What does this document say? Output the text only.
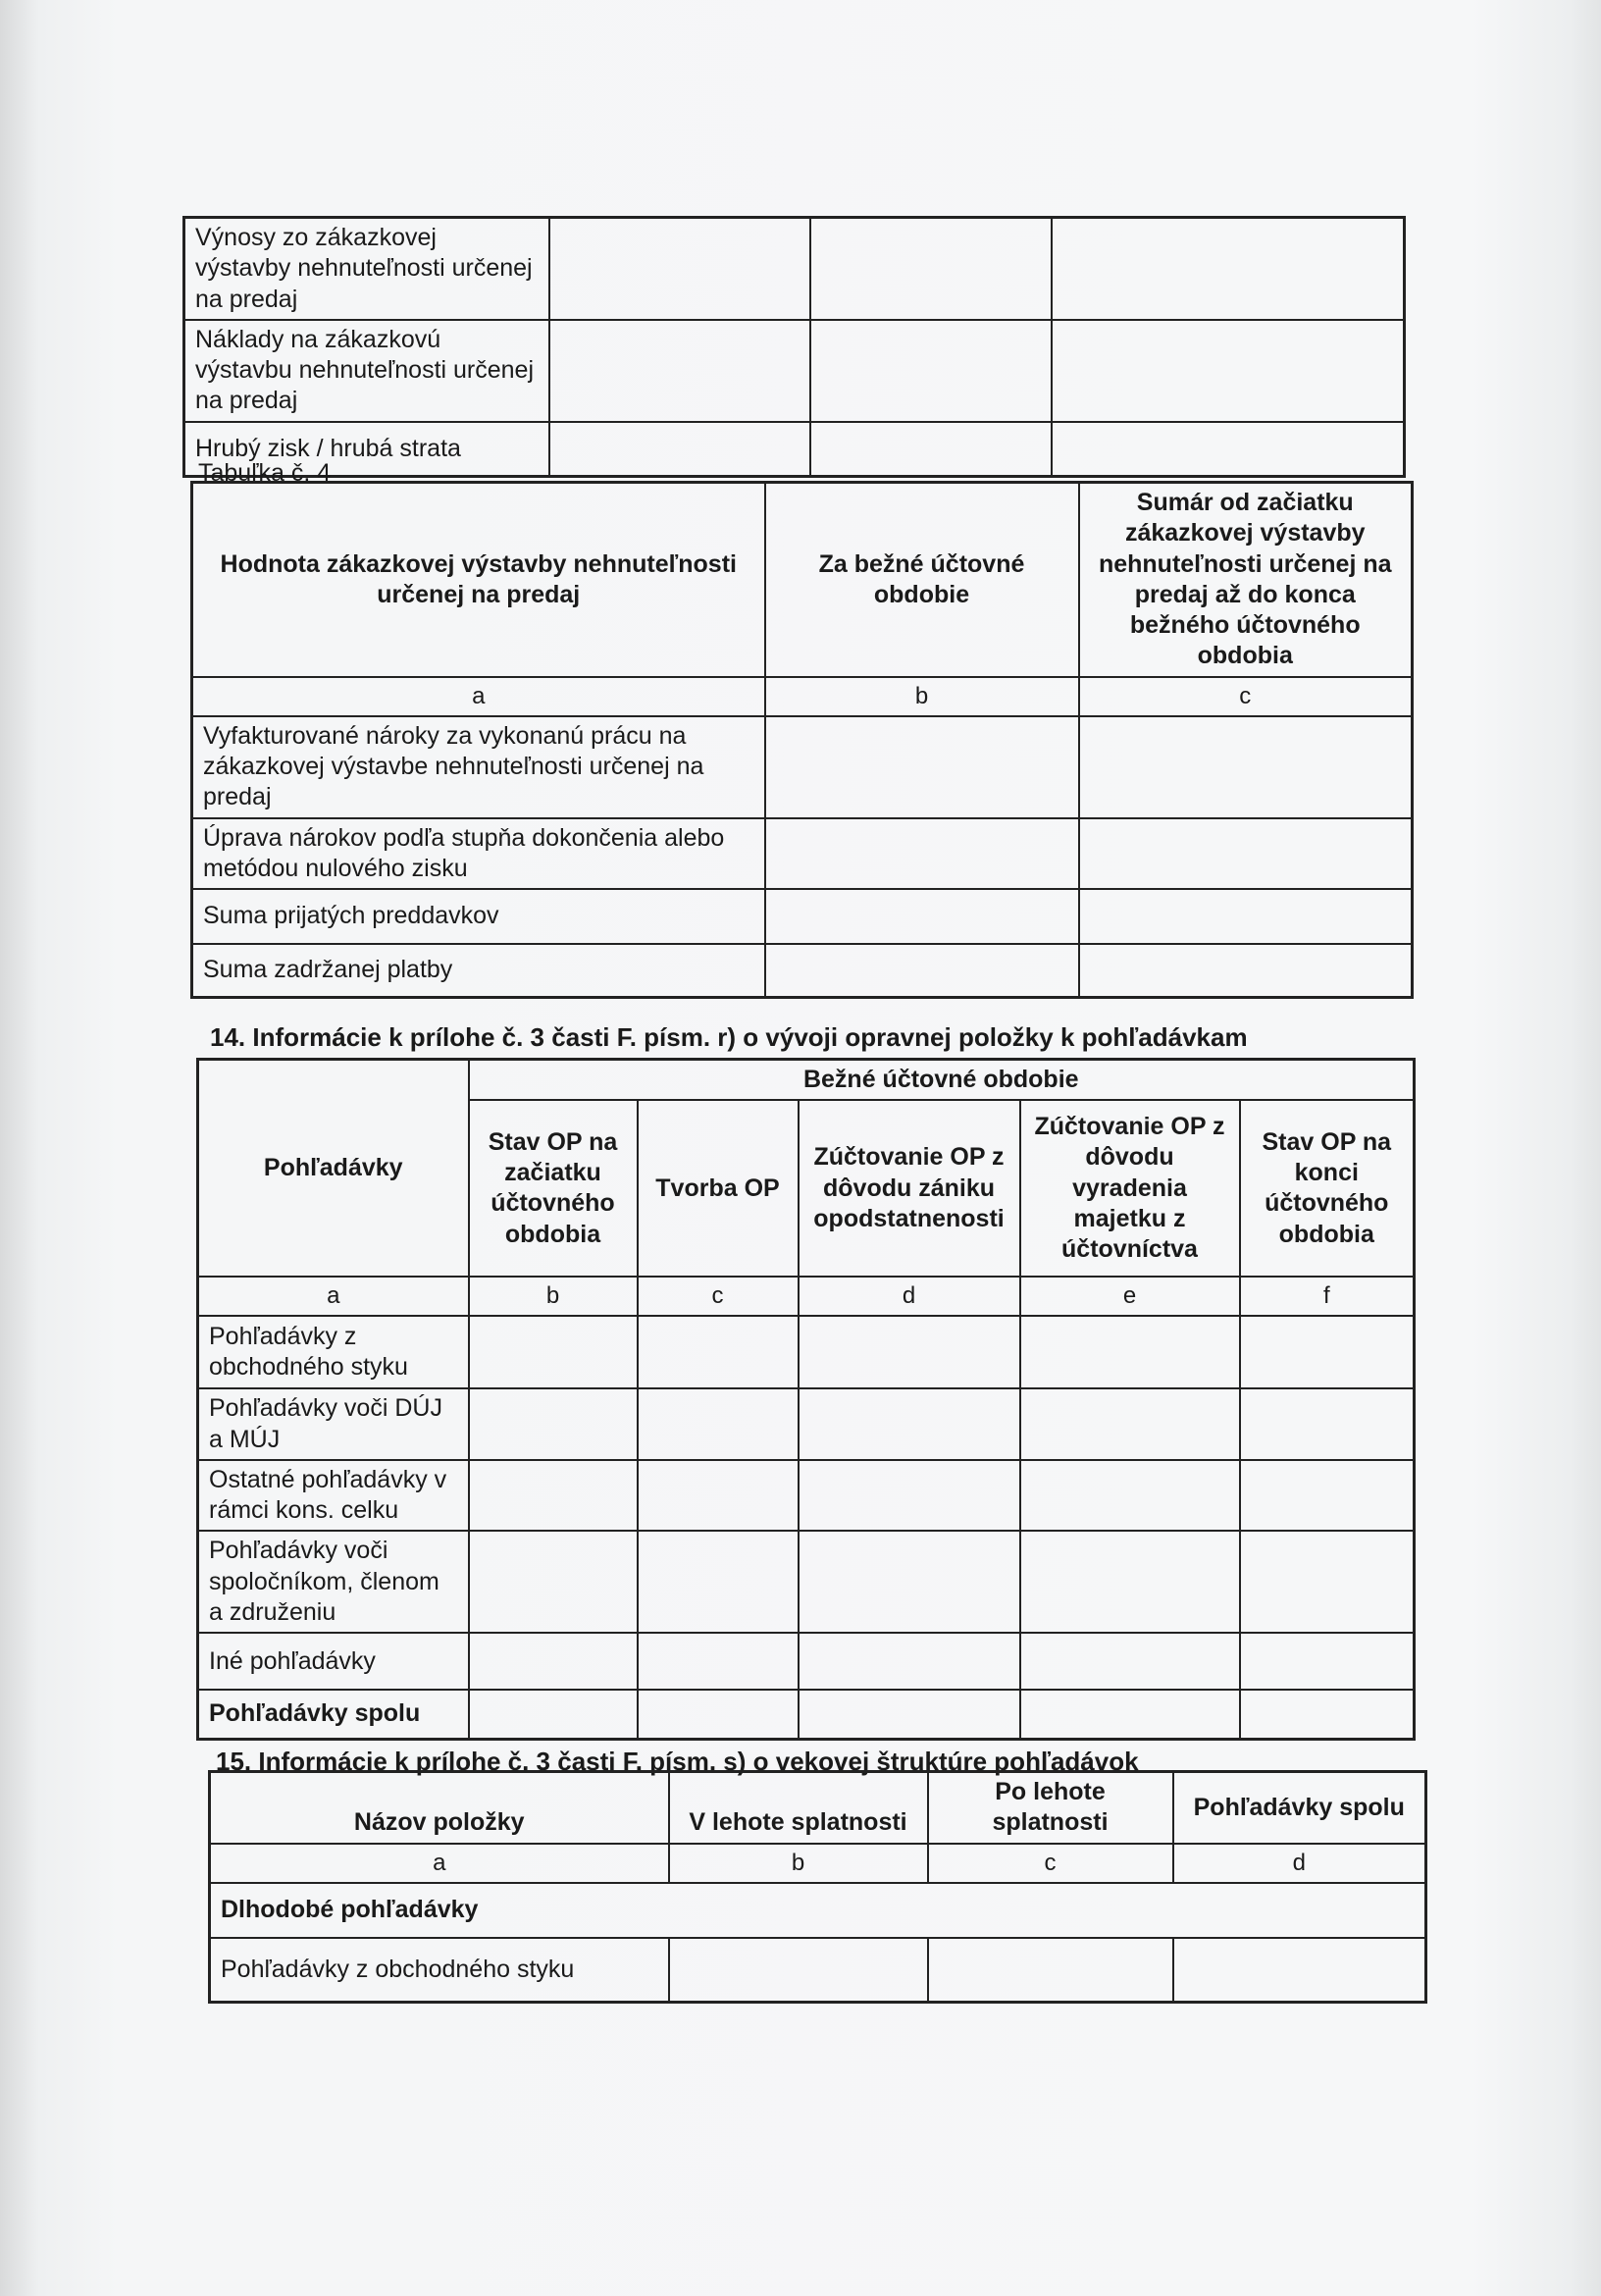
Výnosy zo zákazkovej výstavby nehnuteľnosti určenej na predaj			
Náklady na zákazkovú výstavbu nehnuteľnosti určenej na predaj			
Hrubý zisk / hrubá strata			
Tabuľka č. 4
Hodnota zákazkovej výstavby nehnuteľnosti určenej na predaj	Za bežné účtovné obdobie	Sumár od začiatku zákazkovej výstavby nehnuteľnosti určenej na predaj až do konca bežného účtovného obdobia
a	b	c
Vyfakturované nároky za vykonanú prácu na zákazkovej výstavbe nehnuteľnosti určenej na predaj		
Úprava nárokov podľa stupňa dokončenia alebo metódou nulového zisku		
Suma prijatých preddavkov		
Suma zadržanej platby		
14. Informácie k prílohe č. 3 časti F. písm. r) o vývoji opravnej položky k pohľadávkam
Pohľadávky	Bežné účtovné obdobie				
	Stav OP na začiatku účtovného obdobia	Tvorba OP	Zúčtovanie OP z dôvodu zániku opodstatnenosti	Zúčtovanie OP z dôvodu vyradenia majetku z účtovníctva	Stav OP na konci účtovného obdobia
a	b	c	d	e	f
Pohľadávky z obchodného styku					
Pohľadávky voči DÚJ a MÚJ					
Ostatné pohľadávky v rámci kons. celku					
Pohľadávky voči spoločníkom, členom a združeniu					
Iné pohľadávky					
Pohľadávky spolu					
15. Informácie k prílohe č. 3 časti F. písm. s) o vekovej štruktúre pohľadávok
Názov položky	V lehote splatnosti	Po lehote splatnosti	Pohľadávky spolu
a	b	c	d
Dlhodobé pohľadávky			
Pohľadávky z obchodného styku			
